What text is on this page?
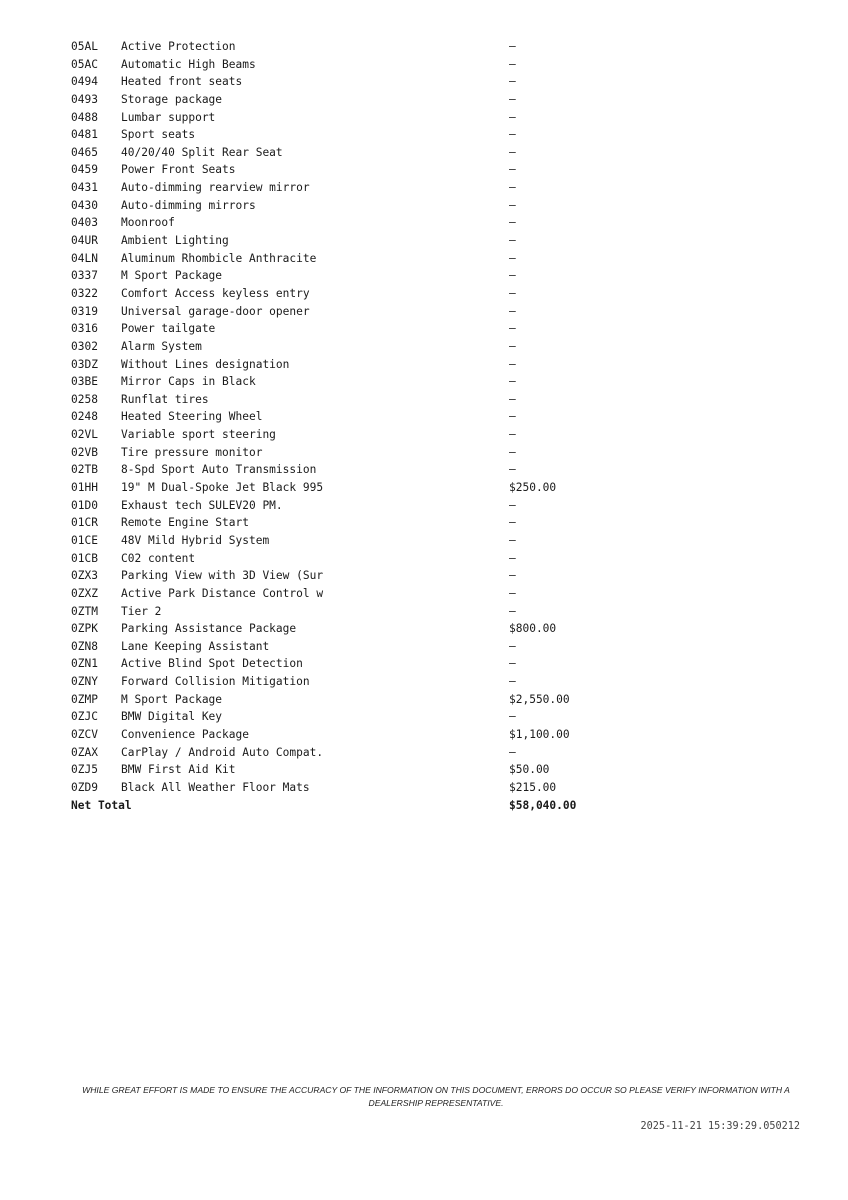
05AL	Active Protection	—
05AC	Automatic High Beams	—
0494	Heated front seats	—
0493	Storage package	—
0488	Lumbar support	—
0481	Sport seats	—
0465	40/20/40 Split Rear Seat	—
0459	Power Front Seats	—
0431	Auto-dimming rearview mirror	—
0430	Auto-dimming mirrors	—
0403	Moonroof	—
04UR	Ambient Lighting	—
04LN	Aluminum Rhombicle Anthracite	—
0337	M Sport Package	—
0322	Comfort Access keyless entry	—
0319	Universal garage-door opener	—
0316	Power tailgate	—
0302	Alarm System	—
03DZ	Without Lines designation	—
03BE	Mirror Caps in Black	—
0258	Runflat tires	—
0248	Heated Steering Wheel	—
02VL	Variable sport steering	—
02VB	Tire pressure monitor	—
02TB	8-Spd Sport Auto Transmission	—
01HH	19" M Dual-Spoke Jet Black 995	$250.00
01D0	Exhaust tech SULEV20 PM.	—
01CR	Remote Engine Start	—
01CE	48V Mild Hybrid System	—
01CB	C02 content	—
0ZX3	Parking View with 3D View (Sur	—
0ZXZ	Active Park Distance Control w	—
0ZTM	Tier 2	—
0ZPK	Parking Assistance Package	$800.00
0ZN8	Lane Keeping Assistant	—
0ZN1	Active Blind Spot Detection	—
0ZNY	Forward Collision Mitigation	—
0ZMP	M Sport Package	$2,550.00
0ZJC	BMW Digital Key	—
0ZCV	Convenience Package	$1,100.00
0ZAX	CarPlay / Android Auto Compat.	—
0ZJ5	BMW First Aid Kit	$50.00
0ZD9	Black All Weather Floor Mats	$215.00
Net Total	$58,040.00
WHILE GREAT EFFORT IS MADE TO ENSURE THE ACCURACY OF THE INFORMATION ON THIS DOCUMENT, ERRORS DO OCCUR SO PLEASE VERIFY INFORMATION WITH A DEALERSHIP REPRESENTATIVE.
2025-11-21 15:39:29.050212
